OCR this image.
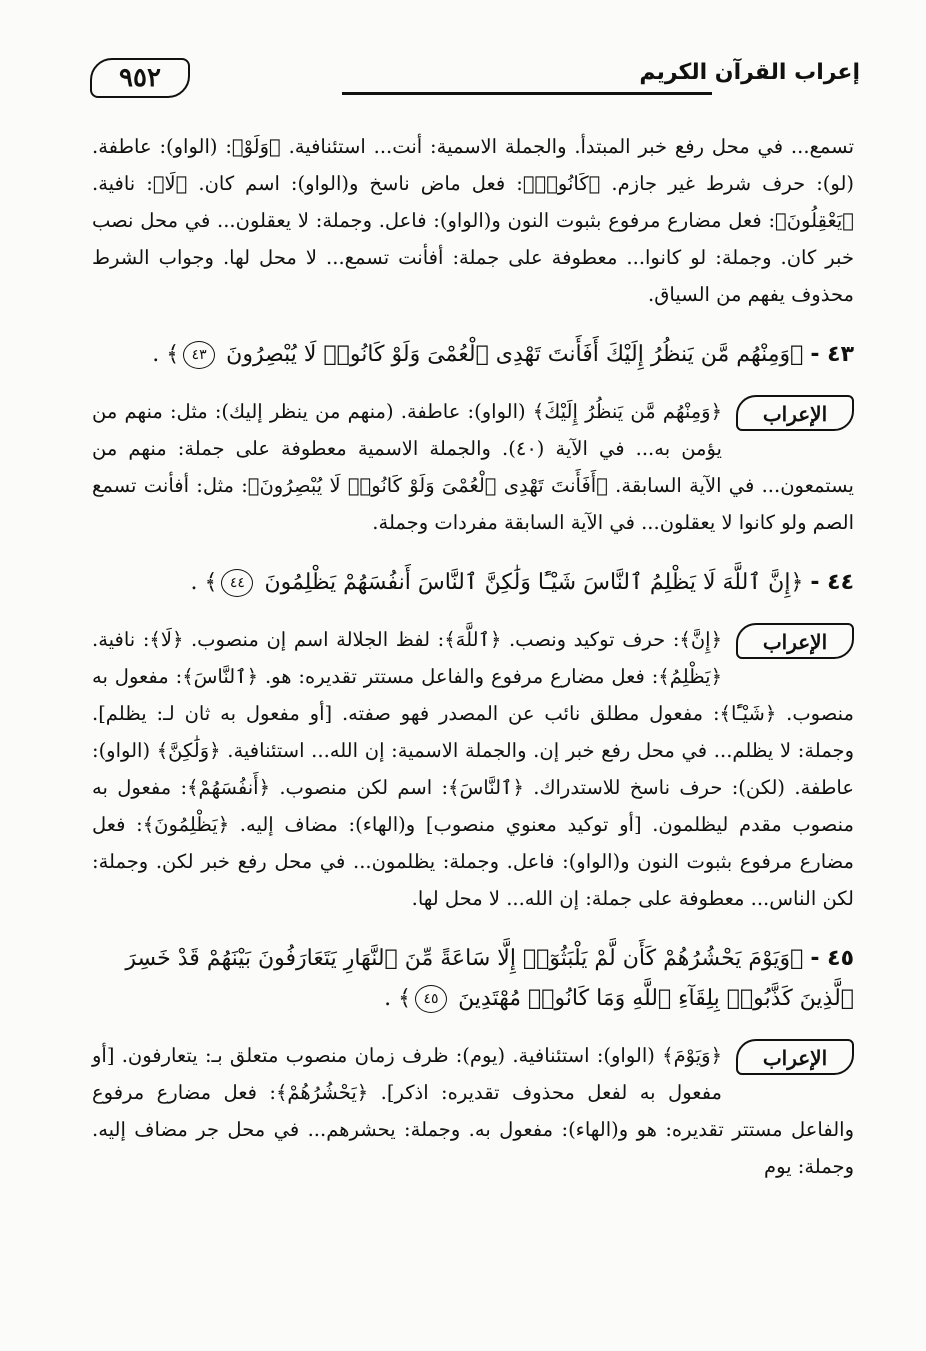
٩٥٢	إعراب القرآن الكريم

تسمع... في محل رفع خبر المبتدأ. والجملة الاسمية: أنت... استئنافية. ﴿وَلَوْ﴾: (الواو): عاطفة. (لو): حرف شرط غير جازم. ﴿كَانُوا۟﴾: فعل ماض ناسخ و(الواو): اسم كان. ﴿لَا﴾: نافية. ﴿يَعْقِلُونَ﴾: فعل مضارع مرفوع بثبوت النون و(الواو): فاعل. وجملة: لا يعقلون... في محل نصب خبر كان. وجملة: لو كانوا... معطوفة على جملة: أفأنت تسمع... لا محل لها. وجواب الشرط محذوف يفهم من السياق.

٤٣ - ﴿وَمِنْهُم مَّن يَنظُرُ إِلَيْكَ أَفَأَنتَ تَهْدِى ٱلْعُمْىَ وَلَوْ كَانُوا۟ لَا يُبْصِرُونَ ٤٣﴾ .

الإعراب
﴿وَمِنْهُم مَّن يَنظُرُ إِلَيْكَ﴾ (الواو): عاطفة. (منهم من ينظر إليك): مثل: منهم من يؤمن به... في الآية (٤٠). والجملة الاسمية معطوفة على جملة: منهم من يستمعون... في الآية السابقة. ﴿أَفَأَنتَ تَهْدِى ٱلْعُمْىَ وَلَوْ كَانُوا۟ لَا يُبْصِرُونَ﴾: مثل: أفأنت تسمع الصم ولو كانوا لا يعقلون... في الآية السابقة مفردات وجملة.

٤٤ - ﴿إِنَّ ٱللَّهَ لَا يَظْلِمُ ٱلنَّاسَ شَيْـًٔا وَلَٰكِنَّ ٱلنَّاسَ أَنفُسَهُمْ يَظْلِمُونَ ٤٤﴾ .

الإعراب
﴿إِنَّ﴾: حرف توكيد ونصب. ﴿ٱللَّهَ﴾: لفظ الجلالة اسم إن منصوب. ﴿لَا﴾: نافية. ﴿يَظْلِمُ﴾: فعل مضارع مرفوع والفاعل مستتر تقديره: هو. ﴿ٱلنَّاسَ﴾: مفعول به منصوب. ﴿شَيْـًٔا﴾: مفعول مطلق نائب عن المصدر فهو صفته. [أو مفعول به ثان لـ: يظلم]. وجملة: لا يظلم... في محل رفع خبر إن. والجملة الاسمية: إن الله... استئنافية. ﴿وَلَٰكِنَّ﴾ (الواو): عاطفة. (لكن): حرف ناسخ للاستدراك. ﴿ٱلنَّاسَ﴾: اسم لكن منصوب. ﴿أَنفُسَهُمْ﴾: مفعول به منصوب مقدم ليظلمون. [أو توكيد معنوي منصوب] و(الهاء): مضاف إليه. ﴿يَظْلِمُونَ﴾: فعل مضارع مرفوع بثبوت النون و(الواو): فاعل. وجملة: يظلمون... في محل رفع خبر لكن. وجملة: لكن الناس... معطوفة على جملة: إن الله... لا محل لها.

٤٥ - ﴿وَيَوْمَ يَحْشُرُهُمْ كَأَن لَّمْ يَلْبَثُوٓا۟ إِلَّا سَاعَةً مِّنَ ٱلنَّهَارِ يَتَعَارَفُونَ بَيْنَهُمْ قَدْ خَسِرَ ٱلَّذِينَ كَذَّبُوا۟ بِلِقَآءِ ٱللَّهِ وَمَا كَانُوا۟ مُهْتَدِينَ ٤٥﴾ .

الإعراب
﴿وَيَوْمَ﴾ (الواو): استئنافية. (يوم): ظرف زمان منصوب متعلق بـ: يتعارفون. [أو مفعول به لفعل محذوف تقديره: اذكر]. ﴿يَحْشُرُهُمْ﴾: فعل مضارع مرفوع والفاعل مستتر تقديره: هو و(الهاء): مفعول به. وجملة: يحشرهم... في محل جر مضاف إليه. وجملة: يوم
